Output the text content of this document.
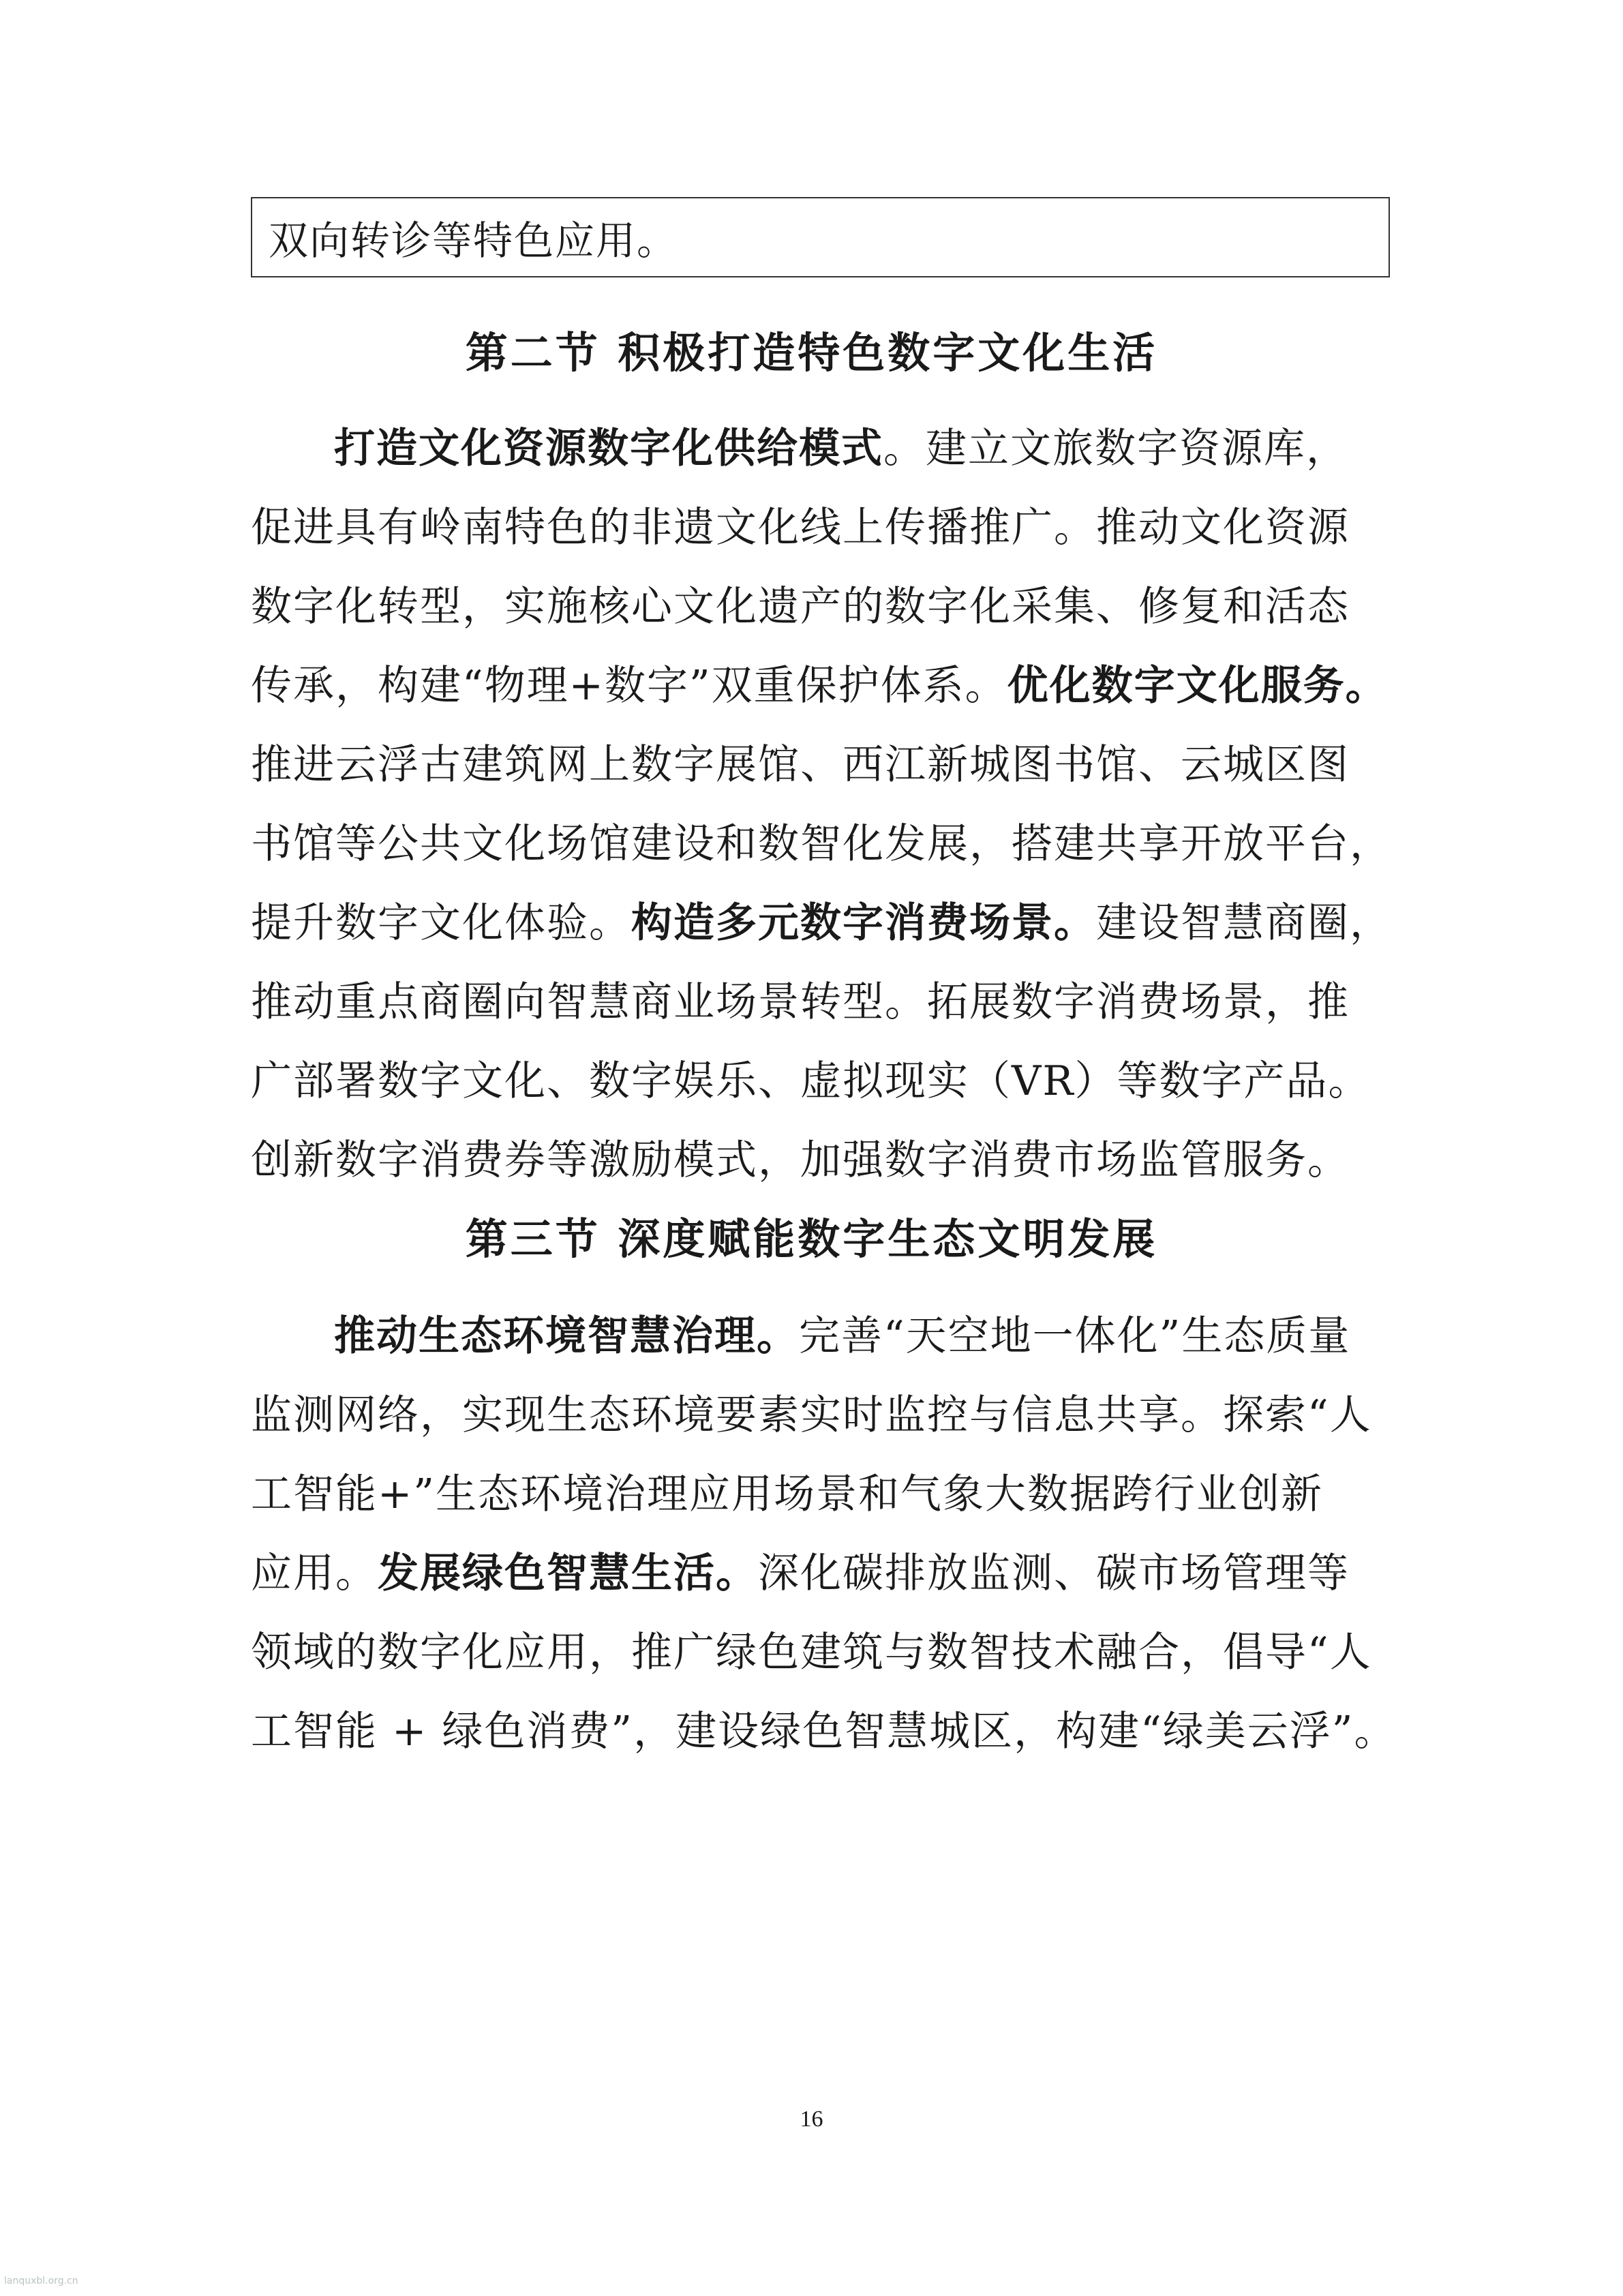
双向转诊等特色应用。
第二节 积极打造特色数字文化生活
打造文化资源数字化供给模式。建立文旅数字资源库，
促进具有岭南特色的非遗文化线上传播推广。推动文化资源
数字化转型，实施核心文化遗产的数字化采集、修复和活态
传承，构建“物理+数字”双重保护体系。优化数字文化服务。
推进云浮古建筑网上数字展馆、西江新城图书馆、云城区图
书馆等公共文化场馆建设和数智化发展，搭建共享开放平台，
提升数字文化体验。构造多元数字消费场景。建设智慧商圈，
推动重点商圈向智慧商业场景转型。拓展数字消费场景，推
广部署数字文化、数字娱乐、虚拟现实（VR）等数字产品。
创新数字消费券等激励模式，加强数字消费市场监管服务。
第三节 深度赋能数字生态文明发展
推动生态环境智慧治理。完善“天空地一体化”生态质量
监测网络，实现生态环境要素实时监控与信息共享。探索“人
工智能+”生态环境治理应用场景和气象大数据跨行业创新
应用。发展绿色智慧生活。深化碳排放监测、碳市场管理等
领域的数字化应用，推广绿色建筑与数智技术融合，倡导“人
工智能 + 绿色消费”，建设绿色智慧城区，构建“绿美云浮”。
16
lanquxbl.org.cn
